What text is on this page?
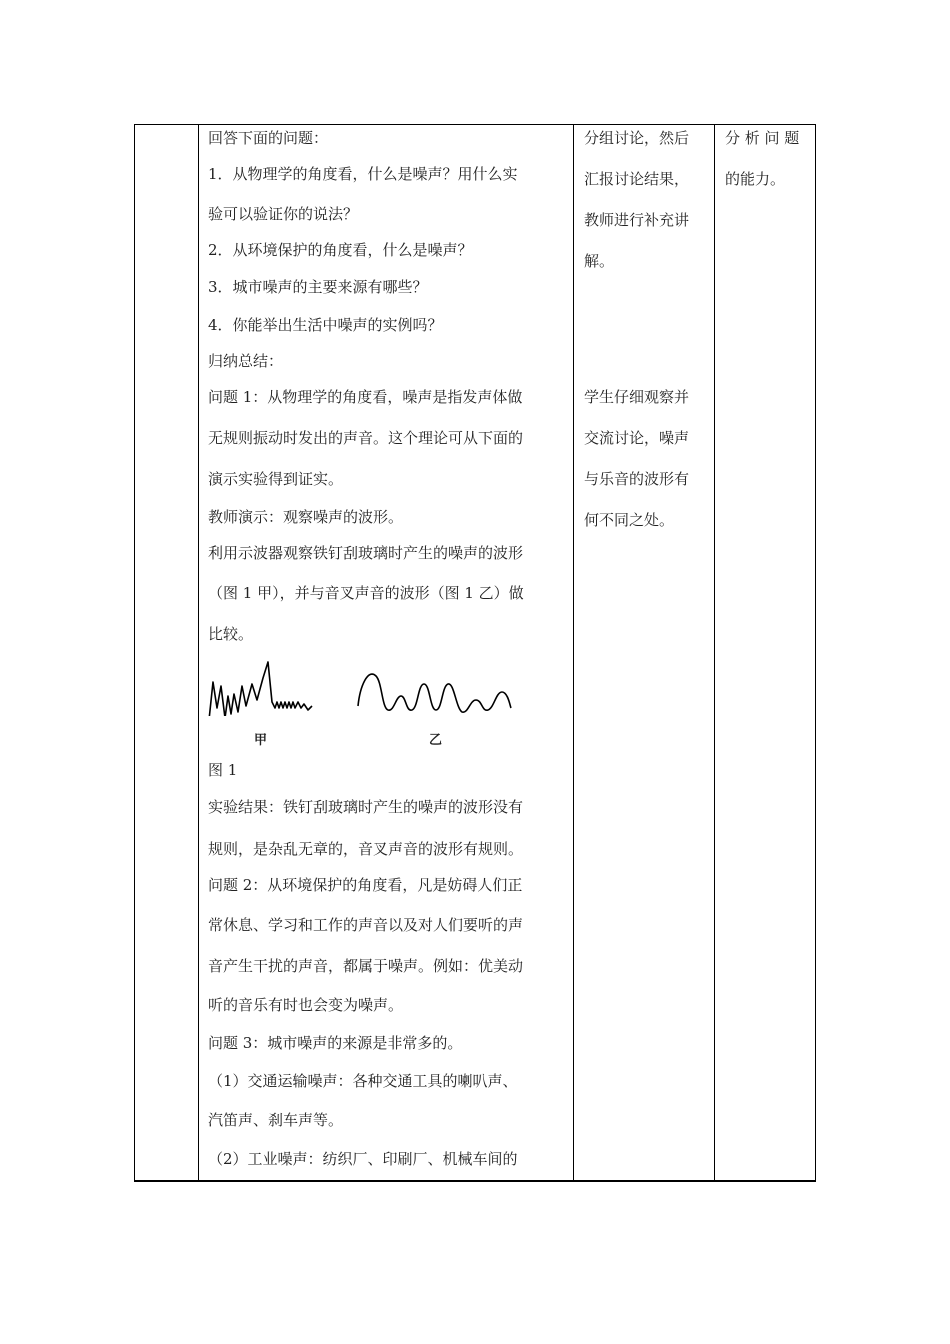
回答下面的问题：
1．从物理学的角度看，什么是噪声？用什么实
验可以验证你的说法？
2．从环境保护的角度看，什么是噪声？
3．城市噪声的主要来源有哪些？
4．你能举出生活中噪声的实例吗？
归纳总结：
问题 1：从物理学的角度看，噪声是指发声体做
无规则振动时发出的声音。这个理论可从下面的
演示实验得到证实。
教师演示：观察噪声的波形。
利用示波器观察铁钉刮玻璃时产生的噪声的波形
（图 1 甲），并与音叉声音的波形（图 1 乙）做
比较。
甲	乙
图 1
实验结果：铁钉刮玻璃时产生的噪声的波形没有
规则，是杂乱无章的，音叉声音的波形有规则。
问题 2：从环境保护的角度看，凡是妨碍人们正
常休息、学习和工作的声音以及对人们要听的声
音产生干扰的声音，都属于噪声。例如：优美动
听的音乐有时也会变为噪声。
问题 3：城市噪声的来源是非常多的。
（1）交通运输噪声：各种交通工具的喇叭声、
汽笛声、刹车声等。
（2）工业噪声：纺织厂、印刷厂、机械车间的
分组讨论，然后
汇报讨论结果，
教师进行补充讲
解。
学生仔细观察并
交流讨论，噪声
与乐音的波形有
何不同之处。
分 析 问 题
的能力。
